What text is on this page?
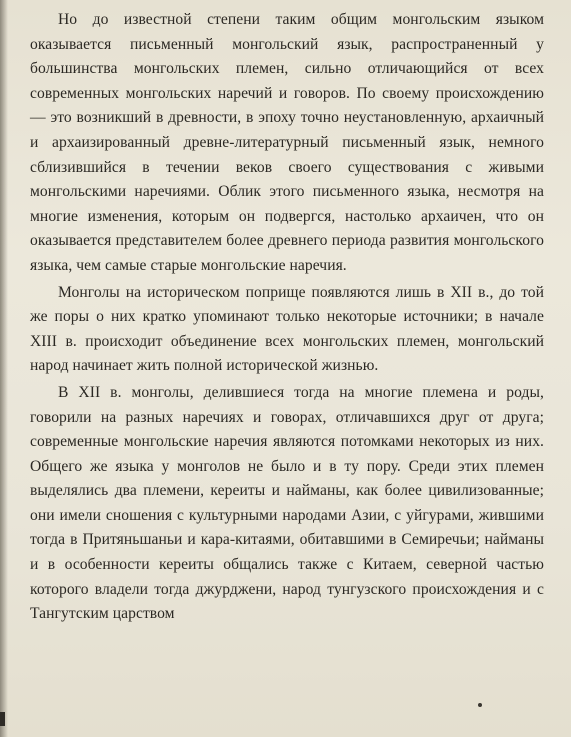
Но до известной степени таким общим монгольским языком оказывается письменный монгольский язык, распространенный у большинства монгольских племен, сильно отличающийся от всех современных монгольских наречий и говоров. По своему происхождению — это возникший в древности, в эпоху точно неустановленную, архаичный и архаизированный древне-литературный письменный язык, немного сблизившийся в течении веков своего существования с живыми монгольскими наречиями. Облик этого письменного языка, несмотря на многие изменения, которым он подвергся, настолько архаичен, что он оказывается представителем более древнего периода развития монгольского языка, чем самые старые монгольские наречия.

Монголы на историческом поприще появляются лишь в XII в., до той же поры о них кратко упоминают только некоторые источники; в начале XIII в. происходит объединение всех монгольских племен, монгольский народ начинает жить полной исторической жизнью.

В XII в. монголы, делившиеся тогда на многие племена и роды, говорили на разных наречиях и говорах, отличавшихся друг от друга; современные монгольские наречия являются потомками некоторых из них. Общего же языка у монголов не было и в ту пору. Среди этих племен выделялись два племени, кереиты и найманы, как более цивилизованные; они имели сношения с культурными народами Азии, с уйгурами, жившими тогда в Притяньшаньи и кара-китаями, обитавшими в Семиречьи; найманы и в особенности кереиты общались также с Китаем, северной частью которого владели тогда джурджени, народ тунгузского происхождения и с Тангутским царством
